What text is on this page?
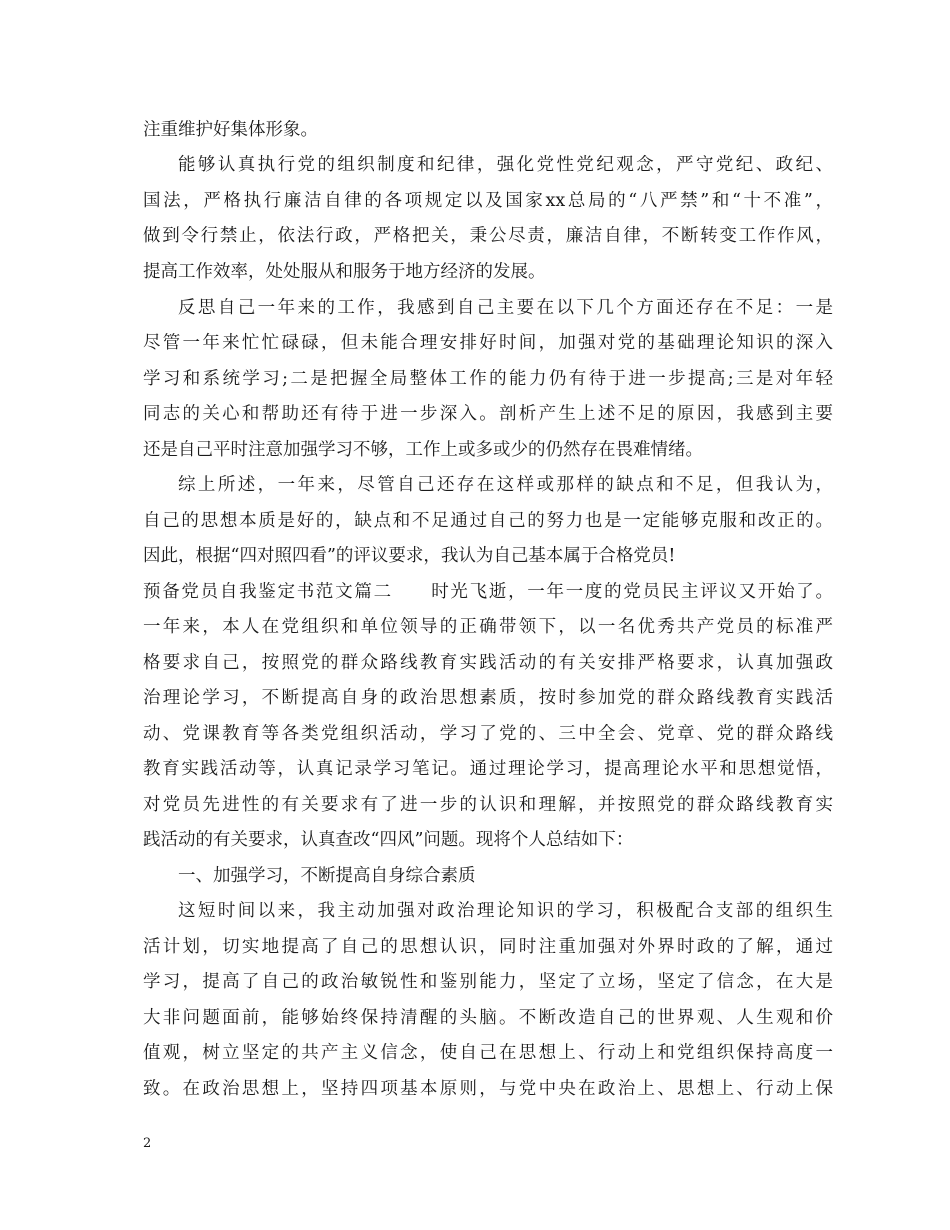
注重维护好集体形象。
能够认真执行党的组织制度和纪律，强化党性党纪观念，严守党纪、政纪、
国法，严格执行廉洁自律的各项规定以及国家xx总局的“八严禁”和“十不准”，
做到令行禁止，依法行政，严格把关，秉公尽责，廉洁自律，不断转变工作作风，
提高工作效率，处处服从和服务于地方经济的发展。
反思自己一年来的工作，我感到自己主要在以下几个方面还存在不足：一是
尽管一年来忙忙碌碌，但未能合理安排好时间，加强对党的基础理论知识的深入
学习和系统学习;二是把握全局整体工作的能力仍有待于进一步提高;三是对年轻
同志的关心和帮助还有待于进一步深入。剖析产生上述不足的原因，我感到主要
还是自己平时注意加强学习不够，工作上或多或少的仍然存在畏难情绪。
综上所述，一年来，尽管自己还存在这样或那样的缺点和不足，但我认为，
自己的思想本质是好的，缺点和不足通过自己的努力也是一定能够克服和改正的。
因此，根据“四对照四看”的评议要求，我认为自己基本属于合格党员!
预备党员自我鉴定书范文篇二　　时光飞逝，一年一度的党员民主评议又开始了。
一年来，本人在党组织和单位领导的正确带领下，以一名优秀共产党员的标准严
格要求自己，按照党的群众路线教育实践活动的有关安排严格要求，认真加强政
治理论学习，不断提高自身的政治思想素质，按时参加党的群众路线教育实践活
动、党课教育等各类党组织活动，学习了党的、三中全会、党章、党的群众路线
教育实践活动等，认真记录学习笔记。通过理论学习，提高理论水平和思想觉悟，
对党员先进性的有关要求有了进一步的认识和理解，并按照党的群众路线教育实
践活动的有关要求，认真查改“四风”问题。现将个人总结如下：
一、加强学习，不断提高自身综合素质
这短时间以来，我主动加强对政治理论知识的学习，积极配合支部的组织生
活计划，切实地提高了自己的思想认识，同时注重加强对外界时政的了解，通过
学习，提高了自己的政治敏锐性和鉴别能力，坚定了立场，坚定了信念，在大是
大非问题面前，能够始终保持清醒的头脑。不断改造自己的世界观、人生观和价
值观，树立坚定的共产主义信念，使自己在思想上、行动上和党组织保持高度一
致。在政治思想上，坚持四项基本原则，与党中央在政治上、思想上、行动上保
2
